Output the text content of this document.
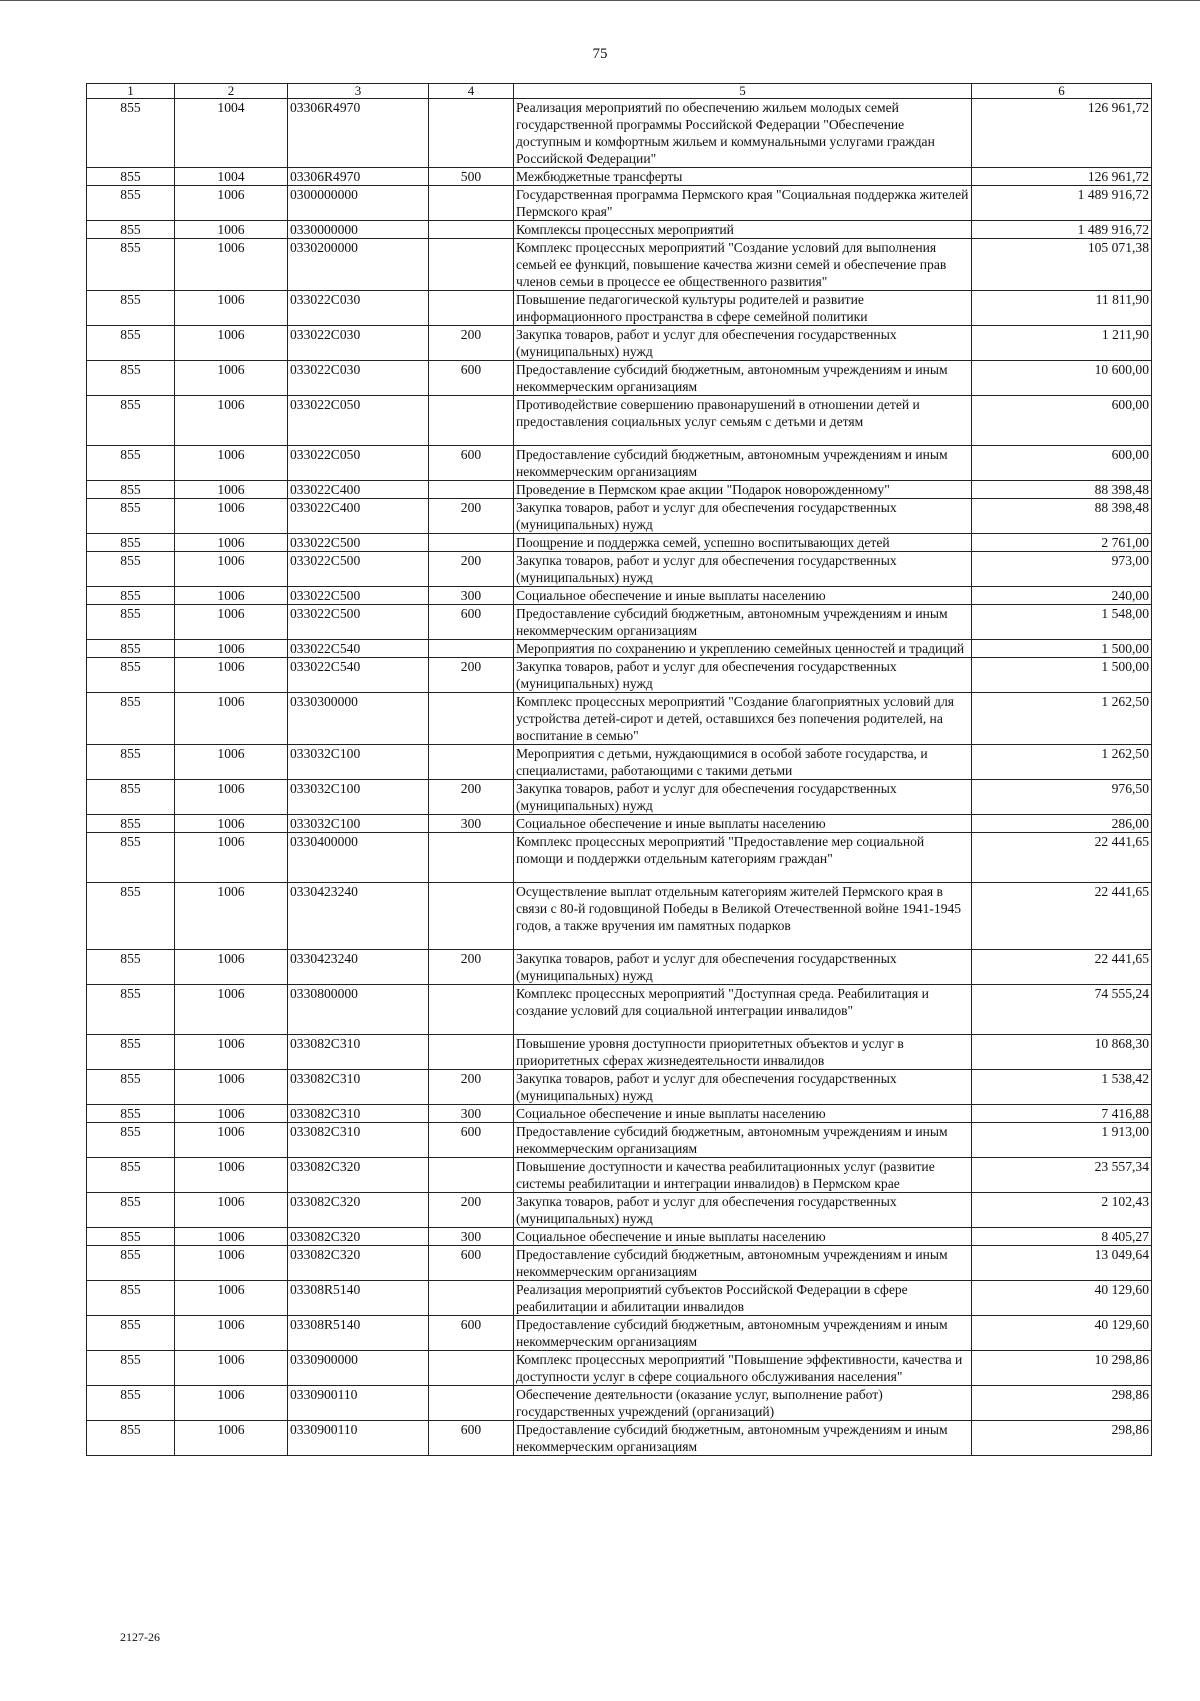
75
1	2	3	4	5	6
855	1004	03306R4970		Реализация мероприятий по обеспечению жильем молодых семей государственной программы Российской Федерации "Обеспечение доступным и комфортным жильем и коммунальными услугами граждан Российской Федерации"	126 961,72
855	1004	03306R4970	500	Межбюджетные трансферты	126 961,72
855	1006	0300000000		Государственная программа Пермского края "Социальная поддержка жителей Пермского края"	1 489 916,72
855	1006	0330000000		Комплексы процессных мероприятий	1 489 916,72
855	1006	0330200000		Комплекс процессных мероприятий "Создание условий для выполнения семьей ее функций, повышение качества жизни семей и обеспечение прав членов семьи в процессе ее общественного развития"	105 071,38
855	1006	033022С030		Повышение педагогической культуры родителей и развитие информационного пространства в сфере семейной политики	11 811,90
855	1006	033022С030	200	Закупка товаров, работ и услуг для обеспечения государственных (муниципальных) нужд	1 211,90
855	1006	033022С030	600	Предоставление субсидий бюджетным, автономным учреждениям и иным некоммерческим организациям	10 600,00
855	1006	033022С050		Противодействие совершению правонарушений в отношении детей и предоставления социальных услуг семьям с детьми и детям	600,00
855	1006	033022С050	600	Предоставление субсидий бюджетным, автономным учреждениям и иным некоммерческим организациям	600,00
855	1006	033022С400		Проведение в Пермском крае акции "Подарок новорожденному"	88 398,48
855	1006	033022С400	200	Закупка товаров, работ и услуг для обеспечения государственных (муниципальных) нужд	88 398,48
855	1006	033022С500		Поощрение и поддержка семей, успешно воспитывающих детей	2 761,00
855	1006	033022С500	200	Закупка товаров, работ и услуг для обеспечения государственных (муниципальных) нужд	973,00
855	1006	033022С500	300	Социальное обеспечение и иные выплаты населению	240,00
855	1006	033022С500	600	Предоставление субсидий бюджетным, автономным учреждениям и иным некоммерческим организациям	1 548,00
855	1006	033022С540		Мероприятия по сохранению и укреплению семейных ценностей и традиций	1 500,00
855	1006	033022С540	200	Закупка товаров, работ и услуг для обеспечения государственных (муниципальных) нужд	1 500,00
855	1006	0330300000		Комплекс процессных мероприятий "Создание благоприятных условий для устройства детей-сирот и детей, оставшихся без попечения родителей, на воспитание в семью"	1 262,50
855	1006	033032С100		Мероприятия с детьми, нуждающимися в особой заботе государства, и специалистами, работающими с такими детьми	1 262,50
855	1006	033032С100	200	Закупка товаров, работ и услуг для обеспечения государственных (муниципальных) нужд	976,50
855	1006	033032С100	300	Социальное обеспечение и иные выплаты населению	286,00
855	1006	0330400000		Комплекс процессных мероприятий "Предоставление мер социальной помощи и поддержки отдельным категориям граждан"	22 441,65
855	1006	0330423240		Осуществление выплат отдельным категориям жителей Пермского края в связи с 80-й годовщиной Победы в Великой Отечественной войне 1941-1945 годов, а также вручения им памятных подарков	22 441,65
855	1006	0330423240	200	Закупка товаров, работ и услуг для обеспечения государственных (муниципальных) нужд	22 441,65
855	1006	0330800000		Комплекс процессных мероприятий "Доступная среда. Реабилитация и создание условий для социальной интеграции инвалидов"	74 555,24
855	1006	033082С310		Повышение уровня доступности приоритетных объектов и услуг в приоритетных сферах жизнедеятельности инвалидов	10 868,30
855	1006	033082С310	200	Закупка товаров, работ и услуг для обеспечения государственных (муниципальных) нужд	1 538,42
855	1006	033082С310	300	Социальное обеспечение и иные выплаты населению	7 416,88
855	1006	033082С310	600	Предоставление субсидий бюджетным, автономным учреждениям и иным некоммерческим организациям	1 913,00
855	1006	033082С320		Повышение доступности и качества реабилитационных услуг (развитие системы реабилитации и интеграции инвалидов) в Пермском крае	23 557,34
855	1006	033082С320	200	Закупка товаров, работ и услуг для обеспечения государственных (муниципальных) нужд	2 102,43
855	1006	033082С320	300	Социальное обеспечение и иные выплаты населению	8 405,27
855	1006	033082С320	600	Предоставление субсидий бюджетным, автономным учреждениям и иным некоммерческим организациям	13 049,64
855	1006	03308R5140		Реализация мероприятий субъектов Российской Федерации в сфере реабилитации и абилитации инвалидов	40 129,60
855	1006	03308R5140	600	Предоставление субсидий бюджетным, автономным учреждениям и иным некоммерческим организациям	40 129,60
855	1006	0330900000		Комплекс процессных мероприятий "Повышение эффективности, качества и доступности услуг в сфере социального обслуживания населения"	10 298,86
855	1006	0330900110		Обеспечение деятельности (оказание услуг, выполнение работ) государственных учреждений (организаций)	298,86
855	1006	0330900110	600	Предоставление субсидий бюджетным, автономным учреждениям и иным некоммерческим организациям	298,86
2127-26
